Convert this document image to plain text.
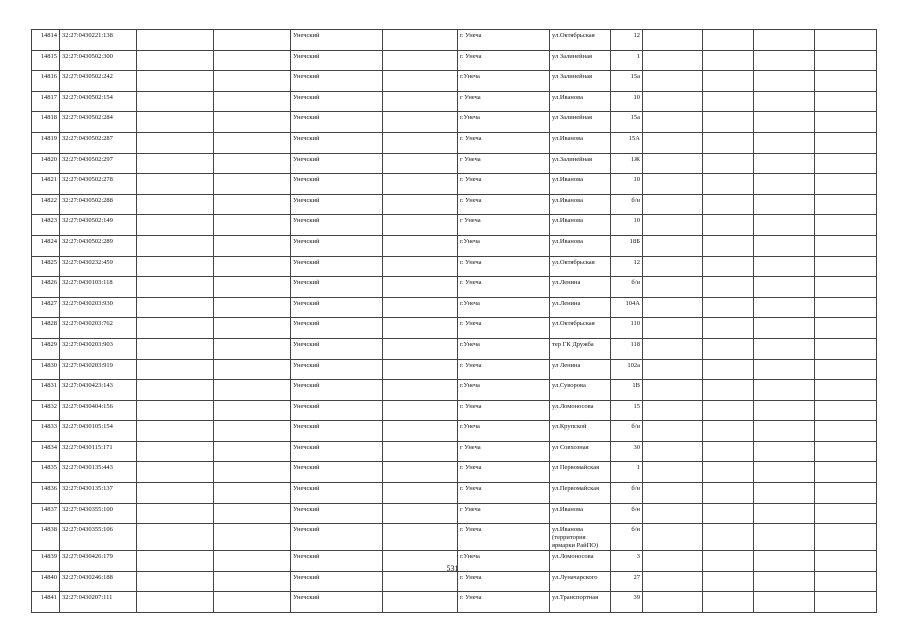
14814	32:27:0430221:138			Унечский		г. Унеча	ул.Октябрьская	12				
14815	32:27:0430502:300			Унечский		г. Унеча	ул Залинейная	1				
14816	32:27:0430502:242			Унечский		г.Унеча	ул Залинейная	15а				
14817	32:27:0430502:154			Унечский		г Унеча	ул.Иванова	10				
14818	32:27:0430502:284			Унечский		г.Унеча	ул Залинейная	15а				
14819	32:27:0430502:287			Унечский		г. Унеча	ул.Иванова	15А				
14820	32:27:0430502:297			Унечский		г Унеча	ул.Залинейная	1Ж				
14821	32:27:0430502:278			Унечский		г. Унеча	ул.Иванова	10				
14822	32:27:0430502:288			Унечский		г. Унеча	ул.Иванова	б/н				
14823	32:27:0430502:149			Унечский		г Унеча	ул.Иванова	10				
14824	32:27:0430502:289			Унечский		г.Унеча	ул.Иванова	18Б				
14825	32:27:0430232:459			Унечский		г. Унеча	ул.Октябрьская	12				
14826	32:27:0430103:118			Унечский		г. Унеча	ул.Ленина	б/н				
14827	32:27:0430203:930			Унечский		г.Унеча	ул.Ленина	104А				
14828	32:27:0430203:762			Унечский		г. Унеча	ул.Октябрьская	110				
14829	32:27:0430203:903			Унечский		г.Унеча	тер ГК Дружба	118				
14830	32:27:0430203:919			Унечский		г. Унеча	ул Ленина	102а				
14831	32:27:0430423:143			Унечский		г.Унеча	ул.Суворова	1В				
14832	32:27:0430404:156			Унечский		г. Унеча	ул.Ломоносова	15				
14833	32:27:0430105:154			Унечский		г.Унеча	ул.Крупской	б/н				
14834	32:27:0430115:171			Унечский		г Унеча	ул Совхозная	30				
14835	32:27:0430135:443			Унечский		г. Унеча	ул Первомайская	1				
14836	32:27:0430135:137			Унечский		г. Унеча	ул.Первомайская	б/н				
14837	32:27:0430355:100			Унечский		г Унеча	ул.Иванова	б/н				
14838	32:27:0430355:106			Унечский		г. Унеча	ул.Иванова (территория ярмарки РайПО)	б/н				
14839	32:27:0430426:179			Унечский		г.Унеча	ул.Ломоносова	3				
14840	32:27:0430246:188			Унечский		г. Унеча	ул.Луначарского	27				
14841	32:27:0430207:111			Унечский		г. Унеча	ул.Транспортная	39				
531
